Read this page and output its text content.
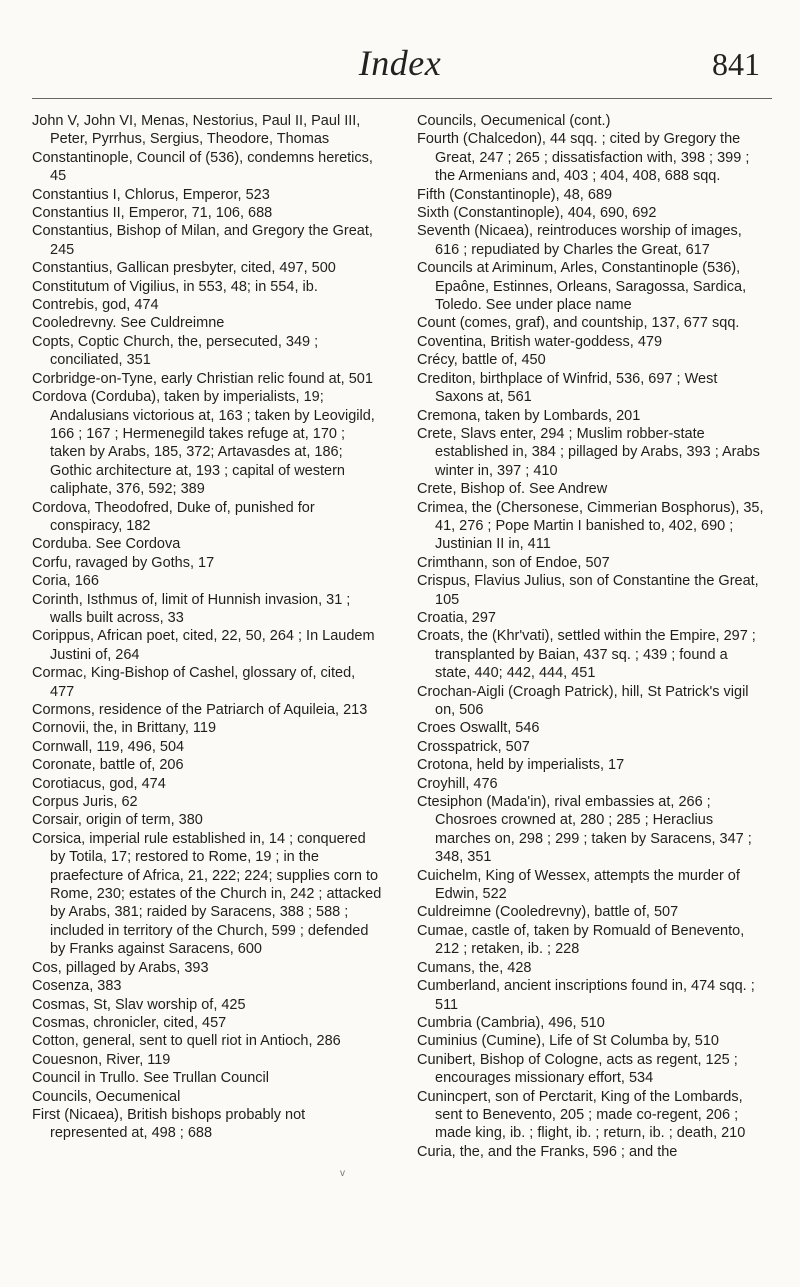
Index	841

John V, John VI, Menas, Nestorius, Paul II, Paul III, Peter, Pyrrhus, Sergius, Theodore, Thomas

Constantinople, Council of (536), condemns heretics, 45

Constantius I, Chlorus, Emperor, 523

Constantius II, Emperor, 71, 106, 688

Constantius, Bishop of Milan, and Gregory the Great, 245

Constantius, Gallican presbyter, cited, 497, 500

Constitutum of Vigilius, in 553, 48; in 554, ib.

Contrebis, god, 474

Cooledrevny. See Culdreimne

Copts, Coptic Church, the, persecuted, 349 ; conciliated, 351

Corbridge-on-Tyne, early Christian relic found at, 501

Cordova (Corduba), taken by imperialists, 19; Andalusians victorious at, 163 ; taken by Leovigild, 166 ; 167 ; Hermenegild takes refuge at, 170 ; taken by Arabs, 185, 372; Artavasdes at, 186; Gothic architecture at, 193 ; capital of western caliphate, 376, 592; 389

Cordova, Theodofred, Duke of, punished for conspiracy, 182

Corduba. See Cordova

Corfu, ravaged by Goths, 17

Coria, 166

Corinth, Isthmus of, limit of Hunnish invasion, 31 ; walls built across, 33

Corippus, African poet, cited, 22, 50, 264 ; In Laudem Justini of, 264

Cormac, King-Bishop of Cashel, glossary of, cited, 477

Cormons, residence of the Patriarch of Aquileia, 213

Cornovii, the, in Brittany, 119

Cornwall, 119, 496, 504

Coronate, battle of, 206

Corotiacus, god, 474

Corpus Juris, 62

Corsair, origin of term, 380

Corsica, imperial rule established in, 14 ; conquered by Totila, 17; restored to Rome, 19 ; in the praefecture of Africa, 21, 222; 224; supplies corn to Rome, 230; estates of the Church in, 242 ; attacked by Arabs, 381; raided by Saracens, 388 ; 588 ; included in territory of the Church, 599 ; defended by Franks against Saracens, 600

Cos, pillaged by Arabs, 393

Cosenza, 383

Cosmas, St, Slav worship of, 425

Cosmas, chronicler, cited, 457

Cotton, general, sent to quell riot in Antioch, 286

Couesnon, River, 119

Council in Trullo. See Trullan Council

Councils, Oecumenical

First (Nicaea), British bishops probably not represented at, 498 ; 688

Councils, Oecumenical (cont.)

Fourth (Chalcedon), 44 sqq. ; cited by Gregory the Great, 247 ; 265 ; dissatisfaction with, 398 ; 399 ; the Armenians and, 403 ; 404, 408, 688 sqq.

Fifth (Constantinople), 48, 689

Sixth (Constantinople), 404, 690, 692

Seventh (Nicaea), reintroduces worship of images, 616 ; repudiated by Charles the Great, 617

Councils at Ariminum, Arles, Constantinople (536), Epaône, Estinnes, Orleans, Saragossa, Sardica, Toledo. See under place name

Count (comes, graf), and countship, 137, 677 sqq.

Coventina, British water-goddess, 479

Crécy, battle of, 450

Crediton, birthplace of Winfrid, 536, 697 ; West Saxons at, 561

Cremona, taken by Lombards, 201

Crete, Slavs enter, 294 ; Muslim robber-state established in, 384 ; pillaged by Arabs, 393 ; Arabs winter in, 397 ; 410

Crete, Bishop of. See Andrew

Crimea, the (Chersonese, Cimmerian Bosphorus), 35, 41, 276 ; Pope Martin I banished to, 402, 690 ; Justinian II in, 411

Crimthann, son of Endoe, 507

Crispus, Flavius Julius, son of Constantine the Great, 105

Croatia, 297

Croats, the (Khr'vati), settled within the Empire, 297 ; transplanted by Baian, 437 sq. ; 439 ; found a state, 440; 442, 444, 451

Crochan-Aigli (Croagh Patrick), hill, St Patrick's vigil on, 506

Croes Oswallt, 546

Crosspatrick, 507

Crotona, held by imperialists, 17

Croyhill, 476

Ctesiphon (Mada'in), rival embassies at, 266 ; Chosroes crowned at, 280 ; 285 ; Heraclius marches on, 298 ; 299 ; taken by Saracens, 347 ; 348, 351

Cuichelm, King of Wessex, attempts the murder of Edwin, 522

Culdreimne (Cooledrevny), battle of, 507

Cumae, castle of, taken by Romuald of Benevento, 212 ; retaken, ib. ; 228

Cumans, the, 428

Cumberland, ancient inscriptions found in, 474 sqq. ; 511

Cumbria (Cambria), 496, 510

Cuminius (Cumine), Life of St Columba by, 510

Cunibert, Bishop of Cologne, acts as regent, 125 ; encourages missionary effort, 534

Cunincpert, son of Perctarit, King of the Lombards, sent to Benevento, 205 ; made co-regent, 206 ; made king, ib. ; flight, ib. ; return, ib. ; death, 210

Curia, the, and the Franks, 596 ; and the

v
